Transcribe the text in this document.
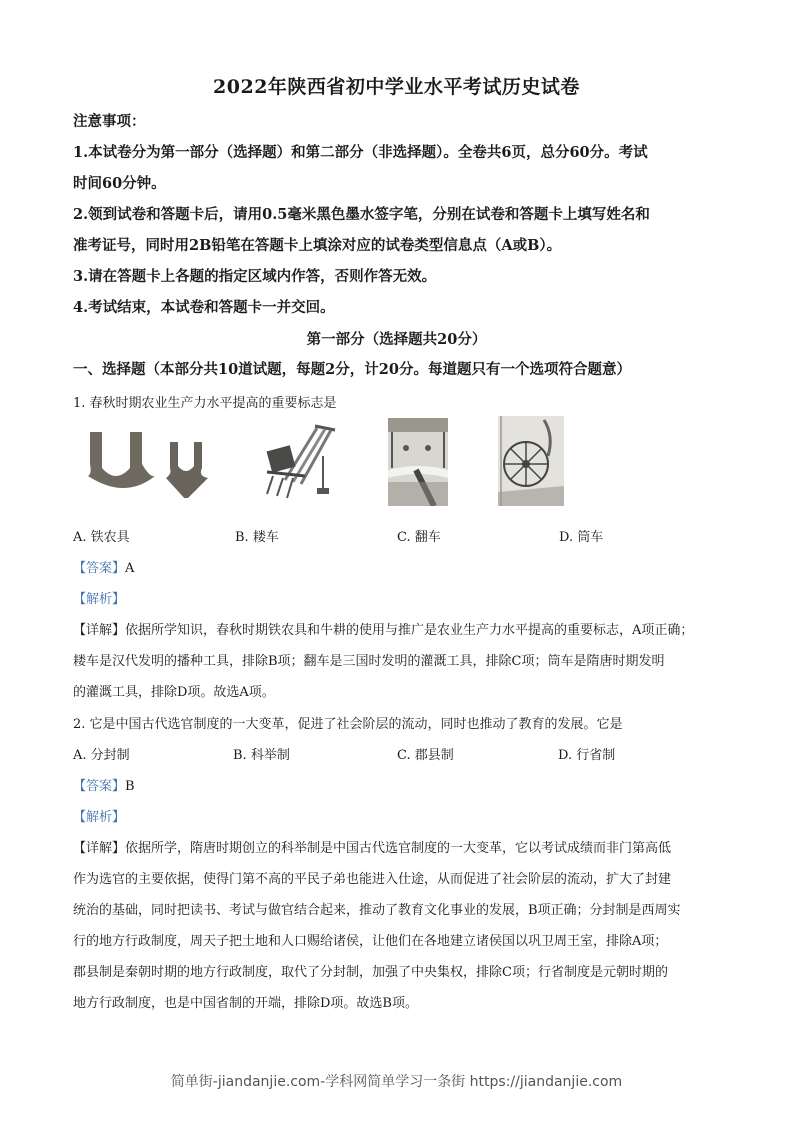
2022年陕西省初中学业水平考试历史试卷
注意事项：
1.本试卷分为第一部分（选择题）和第二部分（非选择题）。全卷共6页，总分60分。考试
时间60分钟。
2.领到试卷和答题卡后，请用0.5毫米黑色墨水签字笔，分别在试卷和答题卡上填写姓名和
准考证号，同时用2B铅笔在答题卡上填涂对应的试卷类型信息点（A或B）。
3.请在答题卡上各题的指定区域内作答，否则作答无效。
4.考试结束，本试卷和答题卡一并交回。
第一部分（选择题共20分）
一、选择题（本部分共10道试题，每题2分，计20分。每道题只有一个选项符合题意）
1. 春秋时期农业生产力水平提高的重要标志是
A. 铁农具	B. 耧车	C. 翻车	D. 筒车
【答案】A
【解析】
【详解】依据所学知识，春秋时期铁农具和牛耕的使用与推广是农业生产力水平提高的重要标志，A项正确；
耧车是汉代发明的播种工具，排除B项；翻车是三国时发明的灌溉工具，排除C项；筒车是隋唐时期发明
的灌溉工具，排除D项。故选A项。
2. 它是中国古代选官制度的一大变革，促进了社会阶层的流动，同时也推动了教育的发展。它是
A. 分封制	B. 科举制	C. 郡县制	D. 行省制
【答案】B
【解析】
【详解】依据所学，隋唐时期创立的科举制是中国古代选官制度的一大变革，它以考试成绩而非门第高低
作为选官的主要依据，使得门第不高的平民子弟也能进入仕途，从而促进了社会阶层的流动，扩大了封建
统治的基础，同时把读书、考试与做官结合起来，推动了教育文化事业的发展，B项正确；分封制是西周实
行的地方行政制度，周天子把土地和人口赐给诸侯，让他们在各地建立诸侯国以巩卫周王室，排除A项；
郡县制是秦朝时期的地方行政制度，取代了分封制，加强了中央集权，排除C项；行省制度是元朝时期的
地方行政制度，也是中国省制的开端，排除D项。故选B项。
简单街-jiandanjie.com-学科网简单学习一条街 https://jiandanjie.com
